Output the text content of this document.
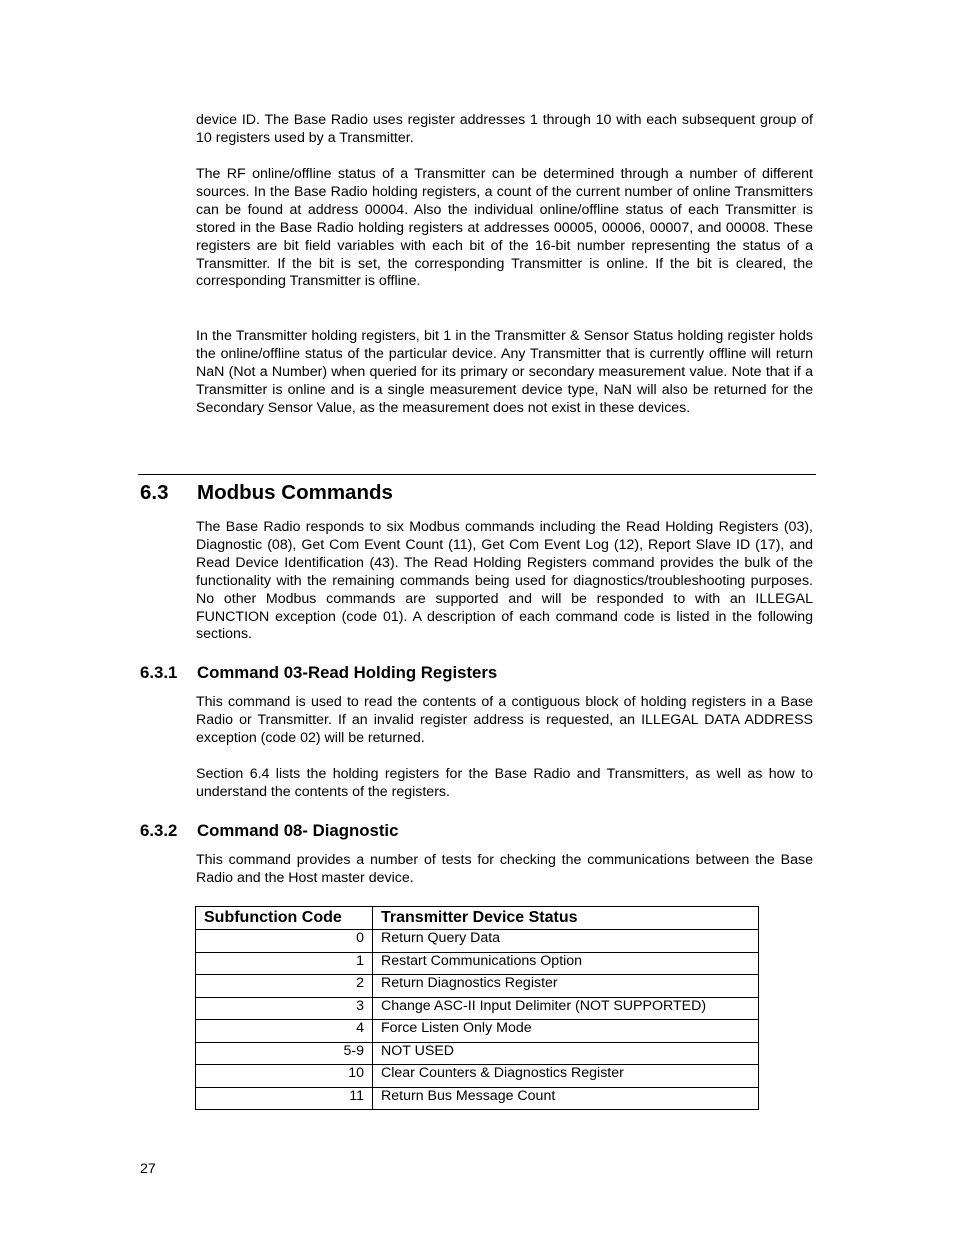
device ID. The Base Radio uses register addresses 1 through 10 with each subsequent group of 10 registers used by a Transmitter.

The RF online/offline status of a Transmitter can be determined through a number of different sources. In the Base Radio holding registers, a count of the current number of online Transmitters can be found at address 00004. Also the individual online/offline status of each Transmitter is stored in the Base Radio holding registers at addresses 00005, 00006, 00007, and 00008. These registers are bit field variables with each bit of the 16-bit number representing the status of a Transmitter. If the bit is set, the corresponding Transmitter is online. If the bit is cleared, the corresponding Transmitter is offline.

In the Transmitter holding registers, bit 1 in the Transmitter & Sensor Status holding register holds the online/offline status of the particular device. Any Transmitter that is currently offline will return NaN (Not a Number) when queried for its primary or secondary measurement value. Note that if a Transmitter is online and is a single measurement device type, NaN will also be returned for the Secondary Sensor Value, as the measurement does not exist in these devices.

6.3 Modbus Commands

The Base Radio responds to six Modbus commands including the Read Holding Registers (03), Diagnostic (08), Get Com Event Count (11), Get Com Event Log (12), Report Slave ID (17), and Read Device Identification (43). The Read Holding Registers command provides the bulk of the functionality with the remaining commands being used for diagnostics/troubleshooting purposes. No other Modbus commands are supported and will be responded to with an ILLEGAL FUNCTION exception (code 01). A description of each command code is listed in the following sections.

6.3.1 Command 03-Read Holding Registers

This command is used to read the contents of a contiguous block of holding registers in a Base Radio or Transmitter. If an invalid register address is requested, an ILLEGAL DATA ADDRESS exception (code 02) will be returned.

Section 6.4 lists the holding registers for the Base Radio and Transmitters, as well as how to understand the contents of the registers.

6.3.2 Command 08- Diagnostic

This command provides a number of tests for checking the communications between the Base Radio and the Host master device.

Subfunction Code	Transmitter Device Status
0	Return Query Data
1	Restart Communications Option
2	Return Diagnostics Register
3	Change ASC-II Input Delimiter (NOT SUPPORTED)
4	Force Listen Only Mode
5-9	NOT USED
10	Clear Counters & Diagnostics Register
11	Return Bus Message Count
27
